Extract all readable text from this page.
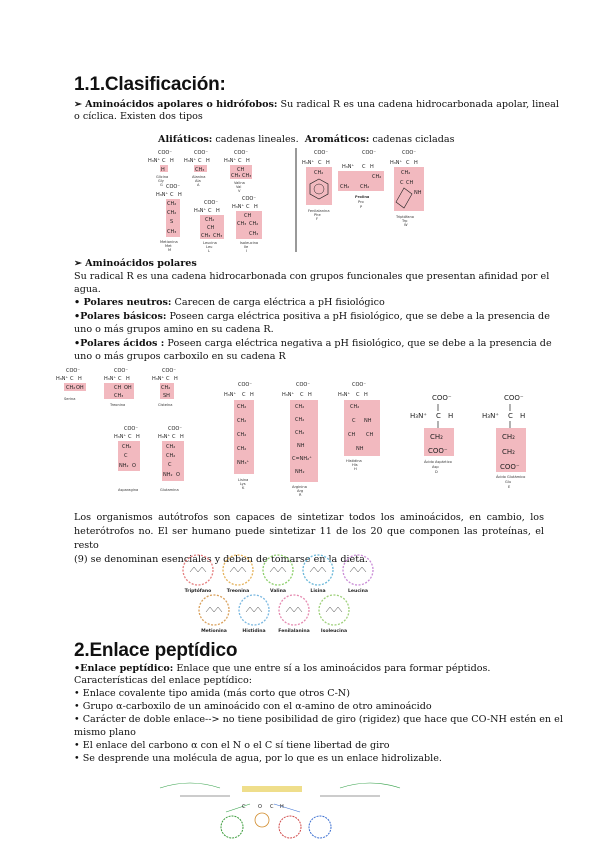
1.1.Clasificación:
➢ Aminoácidos apolares o hidrófobos: Su radical R es una cadena hidrocarbonada apolar, lineal
o cíclica. Existen dos tipos
Alifáticos: cadenas lineales. Aromáticos: cadenas cicladas
COO⁻
H₃N⁺ C H
H
Glicina
Gly
G
COO⁻
H₃N⁺ C H
CH₃
Alanina
Ala
A
COO⁻
H₃N⁺ C H
CH
CH₃ CH₃
Valina
Val
V
COO⁻
H₃N⁺ C H
CH₂
CH₂
S
CH₃
Metionina
Met
M
COO⁻
H₃N⁺ C H
CH₂
CH
CH₃ CH₃
Leucina
Leu
L
COO⁻
H₃N⁺ C H
CH
CH₃ CH₂
CH₃
Isoleucina
Ile
I
COO⁻
H₃N⁺ C H
CH₂
Fenilalanina
Phe
F
COO⁻
H₃N⁺ C H
CH₂
CH₂ CH₂
Prolina
Pro
P
COO⁻
H₃N⁺ C H
CH₂
C CH
NH
Triptófano
Trp
W
➢ Aminoácidos polares
Su radical R es una cadena hidrocarbonada con grupos funcionales que presentan afinidad por el
agua.
• Polares neutros: Carecen de carga eléctrica a pH fisiológico
•Polares básicos: Poseen carga eléctrica positiva a pH fisiológico, que se debe a la presencia de
uno o más grupos amino en su cadena R.
•Polares ácidos : Poseen carga eléctrica negativa a pH fisiológico, que se debe a la presencia de
uno o más grupos carboxilo en su cadena R
COO⁻
H₃N⁺ C H
CH₂ OH
Serina
COO⁻
H₃N⁺ C H
CH OH
CH₃
Treonina
COO⁻
H₃N⁺ C H
CH₂
SH
Cisteína
COO⁻
H₃N⁺ C H
CH₂
C
NH₂ O
Asparagina
COO⁻
H₃N⁺ C H
CH₂
CH₂
C
NH₂ O
Glutamina
COO⁻
H₃N⁺ C H
CH₂
CH₂
CH₂
CH₂
NH₃⁺
Lisina
Lys
K
COO⁻
H₃N⁺ C H
CH₂
CH₂
CH₂
NH
C=NH₂⁺
NH₂
Arginina
Arg
R
COO⁻
H₃N⁺ C H
CH₂
C NH
CH CH
NH
Histidina
His
H
COO⁻
H₃N⁺ C H
CH₂
COO⁻
Ácido Aspártico
Asp
D
COO⁻
H₃N⁺ C H
CH₂
CH₂
COO⁻
Ácido Glutámico
Glu
E
Los organismos autótrofos son capaces de sintetizar todos los aminoácidos, en cambio, los
heterótrofos no. El ser humano puede sintetizar 11 de los 20 que componen las proteínas, el resto
(9) se denominan esenciales y deben de tomarse en la dieta.
Triptófano	Treonina	Valina	Lisina	Leucina
Metionina	Histidina	Fenilalanina Isoleucina
2.Enlace peptídico
•Enlace peptídico: Enlace que une entre sí a los aminoácidos para formar péptidos.
Características del enlace peptídico:
• Enlace covalente tipo amida (más corto que otros C-N)
• Grupo α-carboxilo de un aminoácido con el α-amino de otro aminoácido
• Carácter de doble enlace--> no tiene posibilidad de giro (rigidez) que hace que CO-NH estén en el
mismo plano
• El enlace del carbono α con el N o el C sí tiene libertad de giro
• Se desprende una molécula de agua, por lo que es un enlace hidrolizable.
C	O C H
